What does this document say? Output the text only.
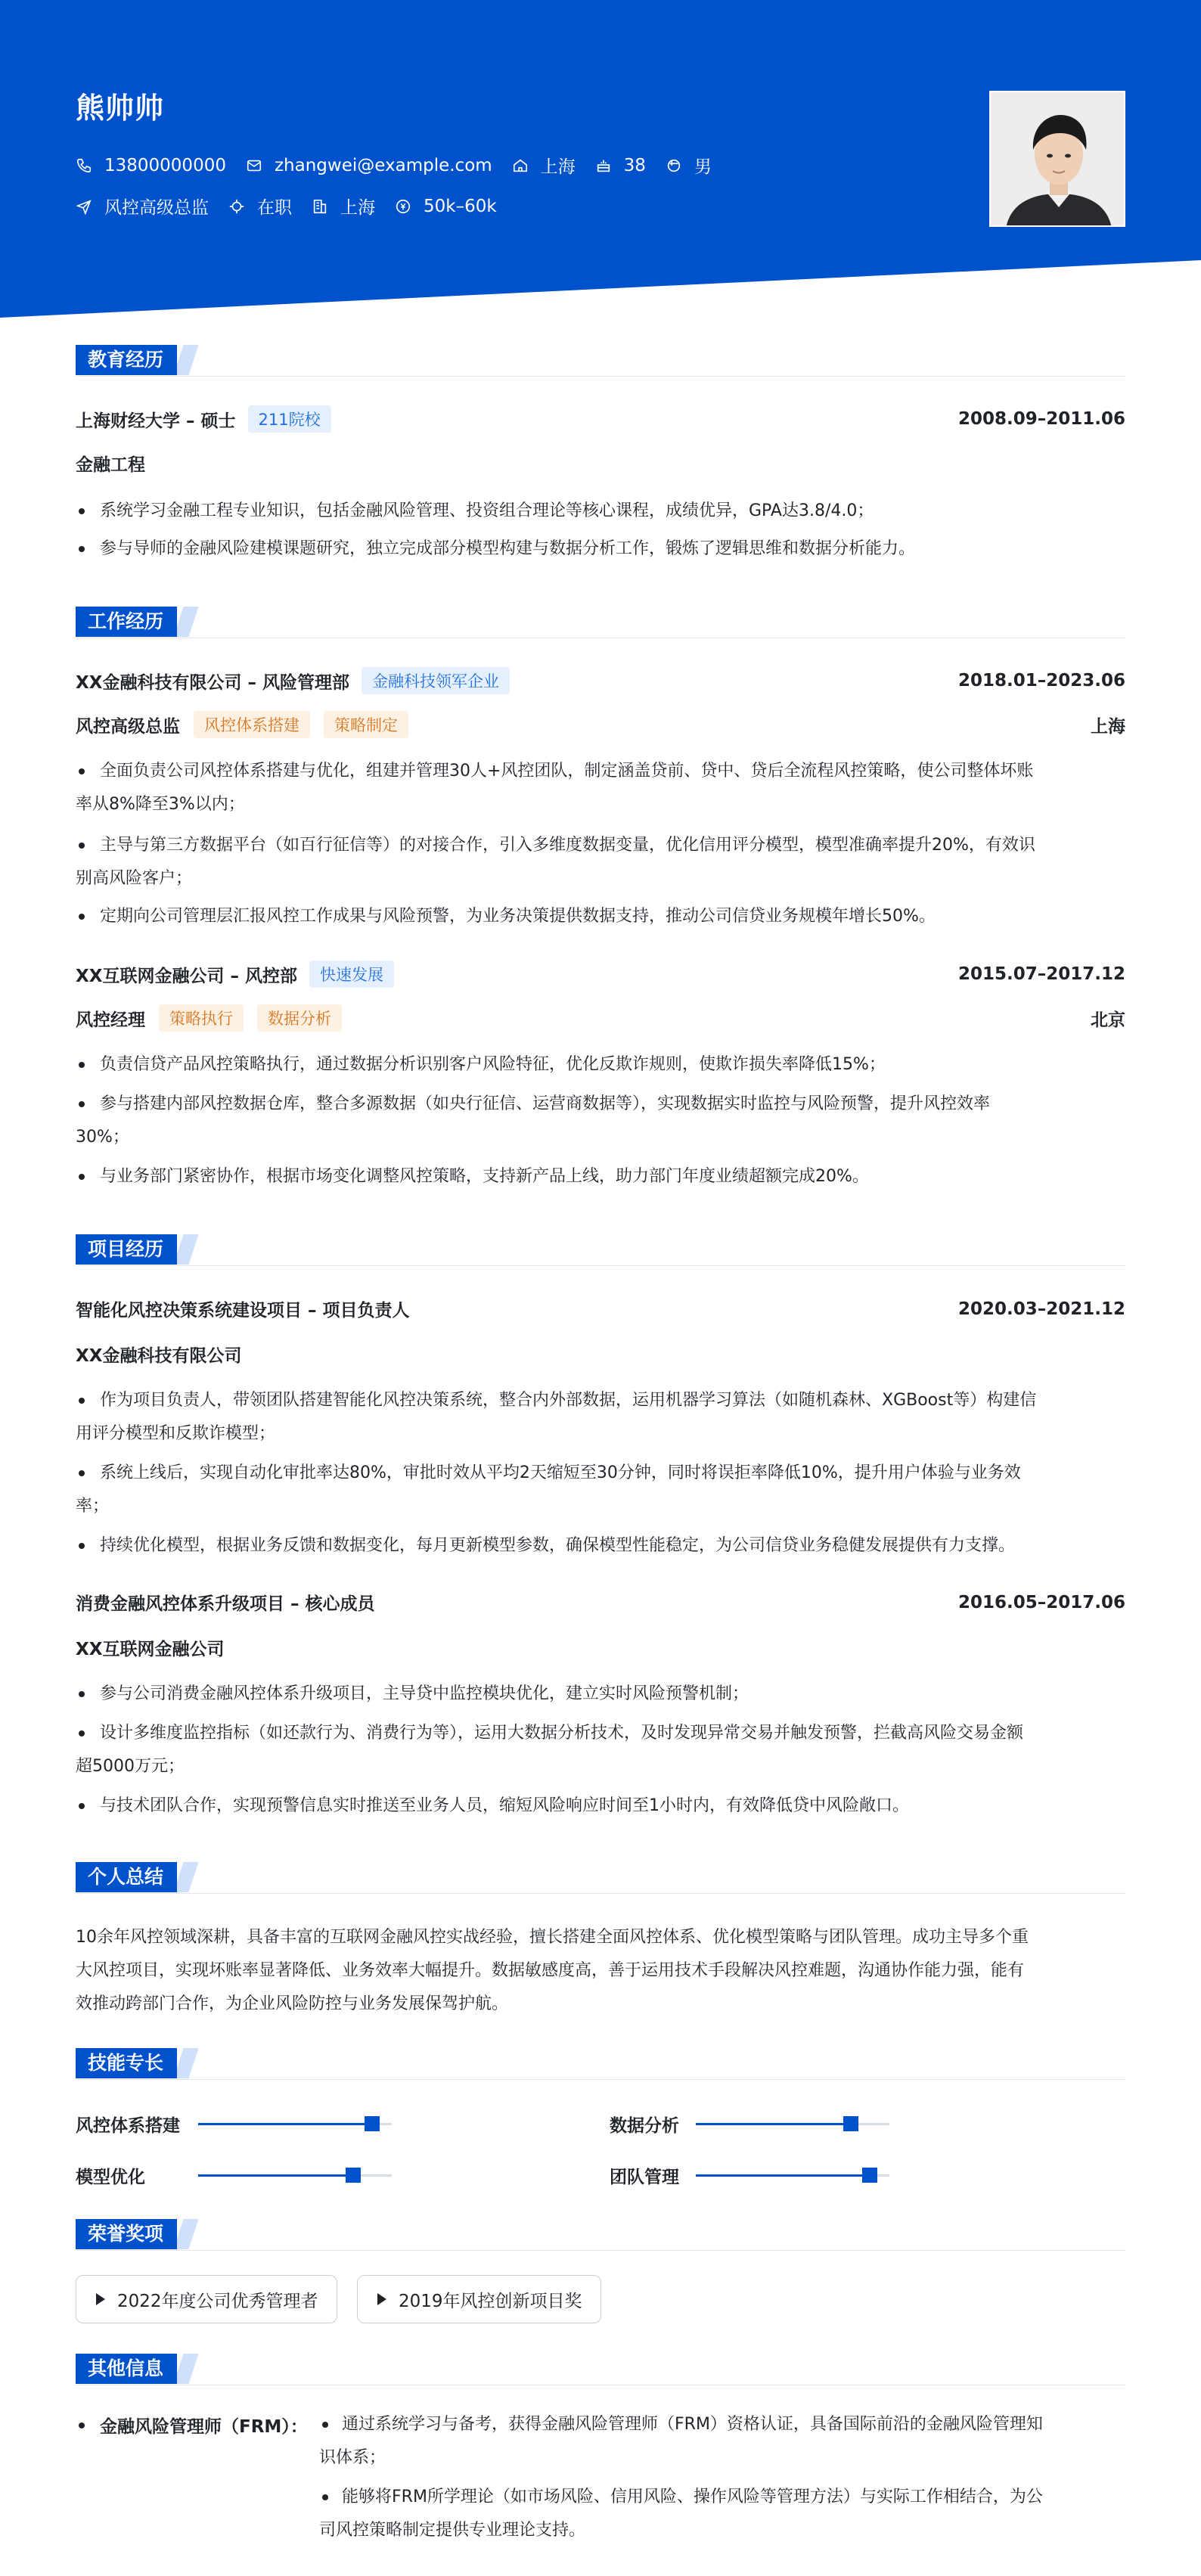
熊帅帅
13800000000	zhangwei@example.com	上海	38	男
风控高级总监	在职	上海	50k–60k
教育经历
上海财经大学 – 硕士	211院校	2008.09–2011.06
金融工程
系统学习金融工程专业知识，包括金融风险管理、投资组合理论等核心课程，成绩优异，GPA达3.8/4.0；
参与导师的金融风险建模课题研究，独立完成部分模型构建与数据分析工作，锻炼了逻辑思维和数据分析能力。
工作经历
XX金融科技有限公司 – 风险管理部	金融科技领军企业	2018.01–2023.06
风控高级总监	风控体系搭建	策略制定	上海
全面负责公司风控体系搭建与优化，组建并管理30人+风控团队，制定涵盖贷前、贷中、贷后全流程风控策略，使公司整体坏账
率从8%降至3%以内；
主导与第三方数据平台（如百行征信等）的对接合作，引入多维度数据变量，优化信用评分模型，模型准确率提升20%，有效识
别高风险客户；
定期向公司管理层汇报风控工作成果与风险预警，为业务决策提供数据支持，推动公司信贷业务规模年增长50%。
XX互联网金融公司 – 风控部	快速发展	2015.07–2017.12
风控经理	策略执行	数据分析	北京
负责信贷产品风控策略执行，通过数据分析识别客户风险特征，优化反欺诈规则，使欺诈损失率降低15%；
参与搭建内部风控数据仓库，整合多源数据（如央行征信、运营商数据等），实现数据实时监控与风险预警，提升风控效率
30%；
与业务部门紧密协作，根据市场变化调整风控策略，支持新产品上线，助力部门年度业绩超额完成20%。
项目经历
智能化风控决策系统建设项目 – 项目负责人	2020.03–2021.12
XX金融科技有限公司
作为项目负责人，带领团队搭建智能化风控决策系统，整合内外部数据，运用机器学习算法（如随机森林、XGBoost等）构建信
用评分模型和反欺诈模型；
系统上线后，实现自动化审批率达80%，审批时效从平均2天缩短至30分钟，同时将误拒率降低10%，提升用户体验与业务效
率；
持续优化模型，根据业务反馈和数据变化，每月更新模型参数，确保模型性能稳定，为公司信贷业务稳健发展提供有力支撑。
消费金融风控体系升级项目 – 核心成员	2016.05–2017.06
XX互联网金融公司
参与公司消费金融风控体系升级项目，主导贷中监控模块优化，建立实时风险预警机制；
设计多维度监控指标（如还款行为、消费行为等），运用大数据分析技术，及时发现异常交易并触发预警，拦截高风险交易金额
超5000万元；
与技术团队合作，实现预警信息实时推送至业务人员，缩短风险响应时间至1小时内，有效降低贷中风险敞口。
个人总结
10余年风控领域深耕，具备丰富的互联网金融风控实战经验，擅长搭建全面风控体系、优化模型策略与团队管理。成功主导多个重
大风控项目，实现坏账率显著降低、业务效率大幅提升。数据敏感度高，善于运用技术手段解决风控难题，沟通协作能力强，能有
效推动跨部门合作，为企业风险防控与业务发展保驾护航。
技能专长
风控体系搭建	数据分析
模型优化	团队管理
荣誉奖项
2022年度公司优秀管理者	2019年风控创新项目奖
其他信息
金融风险管理师（FRM）：	通过系统学习与备考，获得金融风险管理师（FRM）资格认证，具备国际前沿的金融风险管理知
识体系；
能够将FRM所学理论（如市场风险、信用风险、操作风险等管理方法）与实际工作相结合，为公
司风控策略制定提供专业理论支持。
